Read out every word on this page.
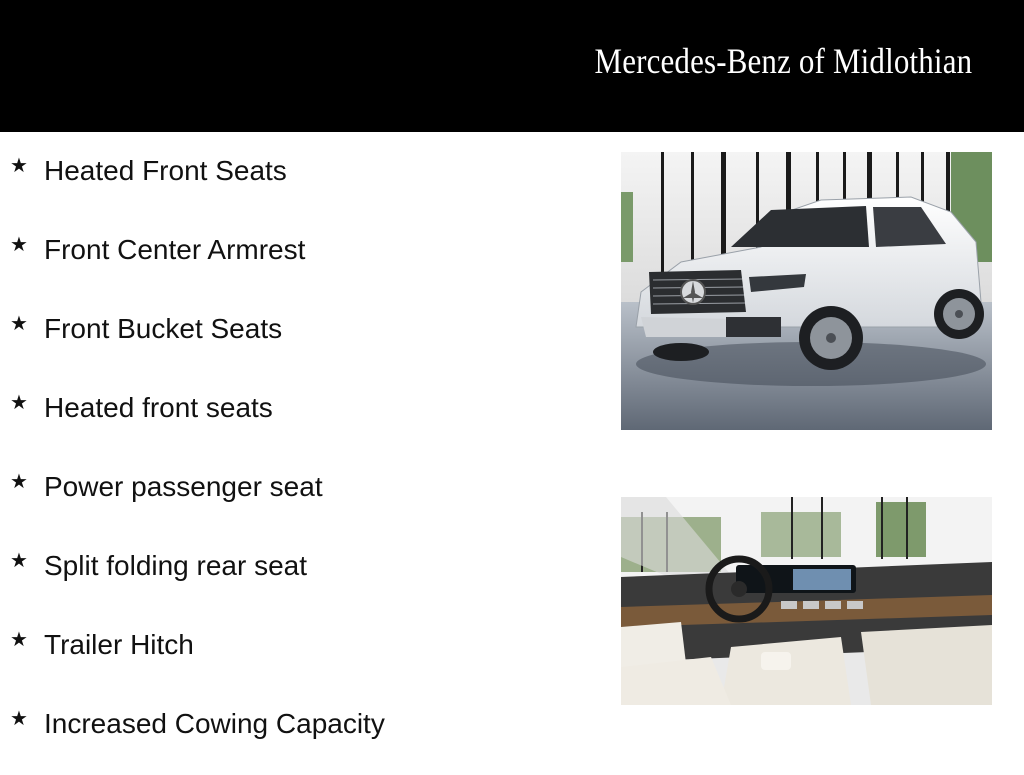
Mercedes-Benz of Midlothian
★ Heated Front Seats
★ Front Center Armrest
★ Front Bucket Seats
★ Heated front seats
★ Power passenger seat
★ Split folding rear seat
★ Trailer Hitch
★ Increased Cowing Capacity
